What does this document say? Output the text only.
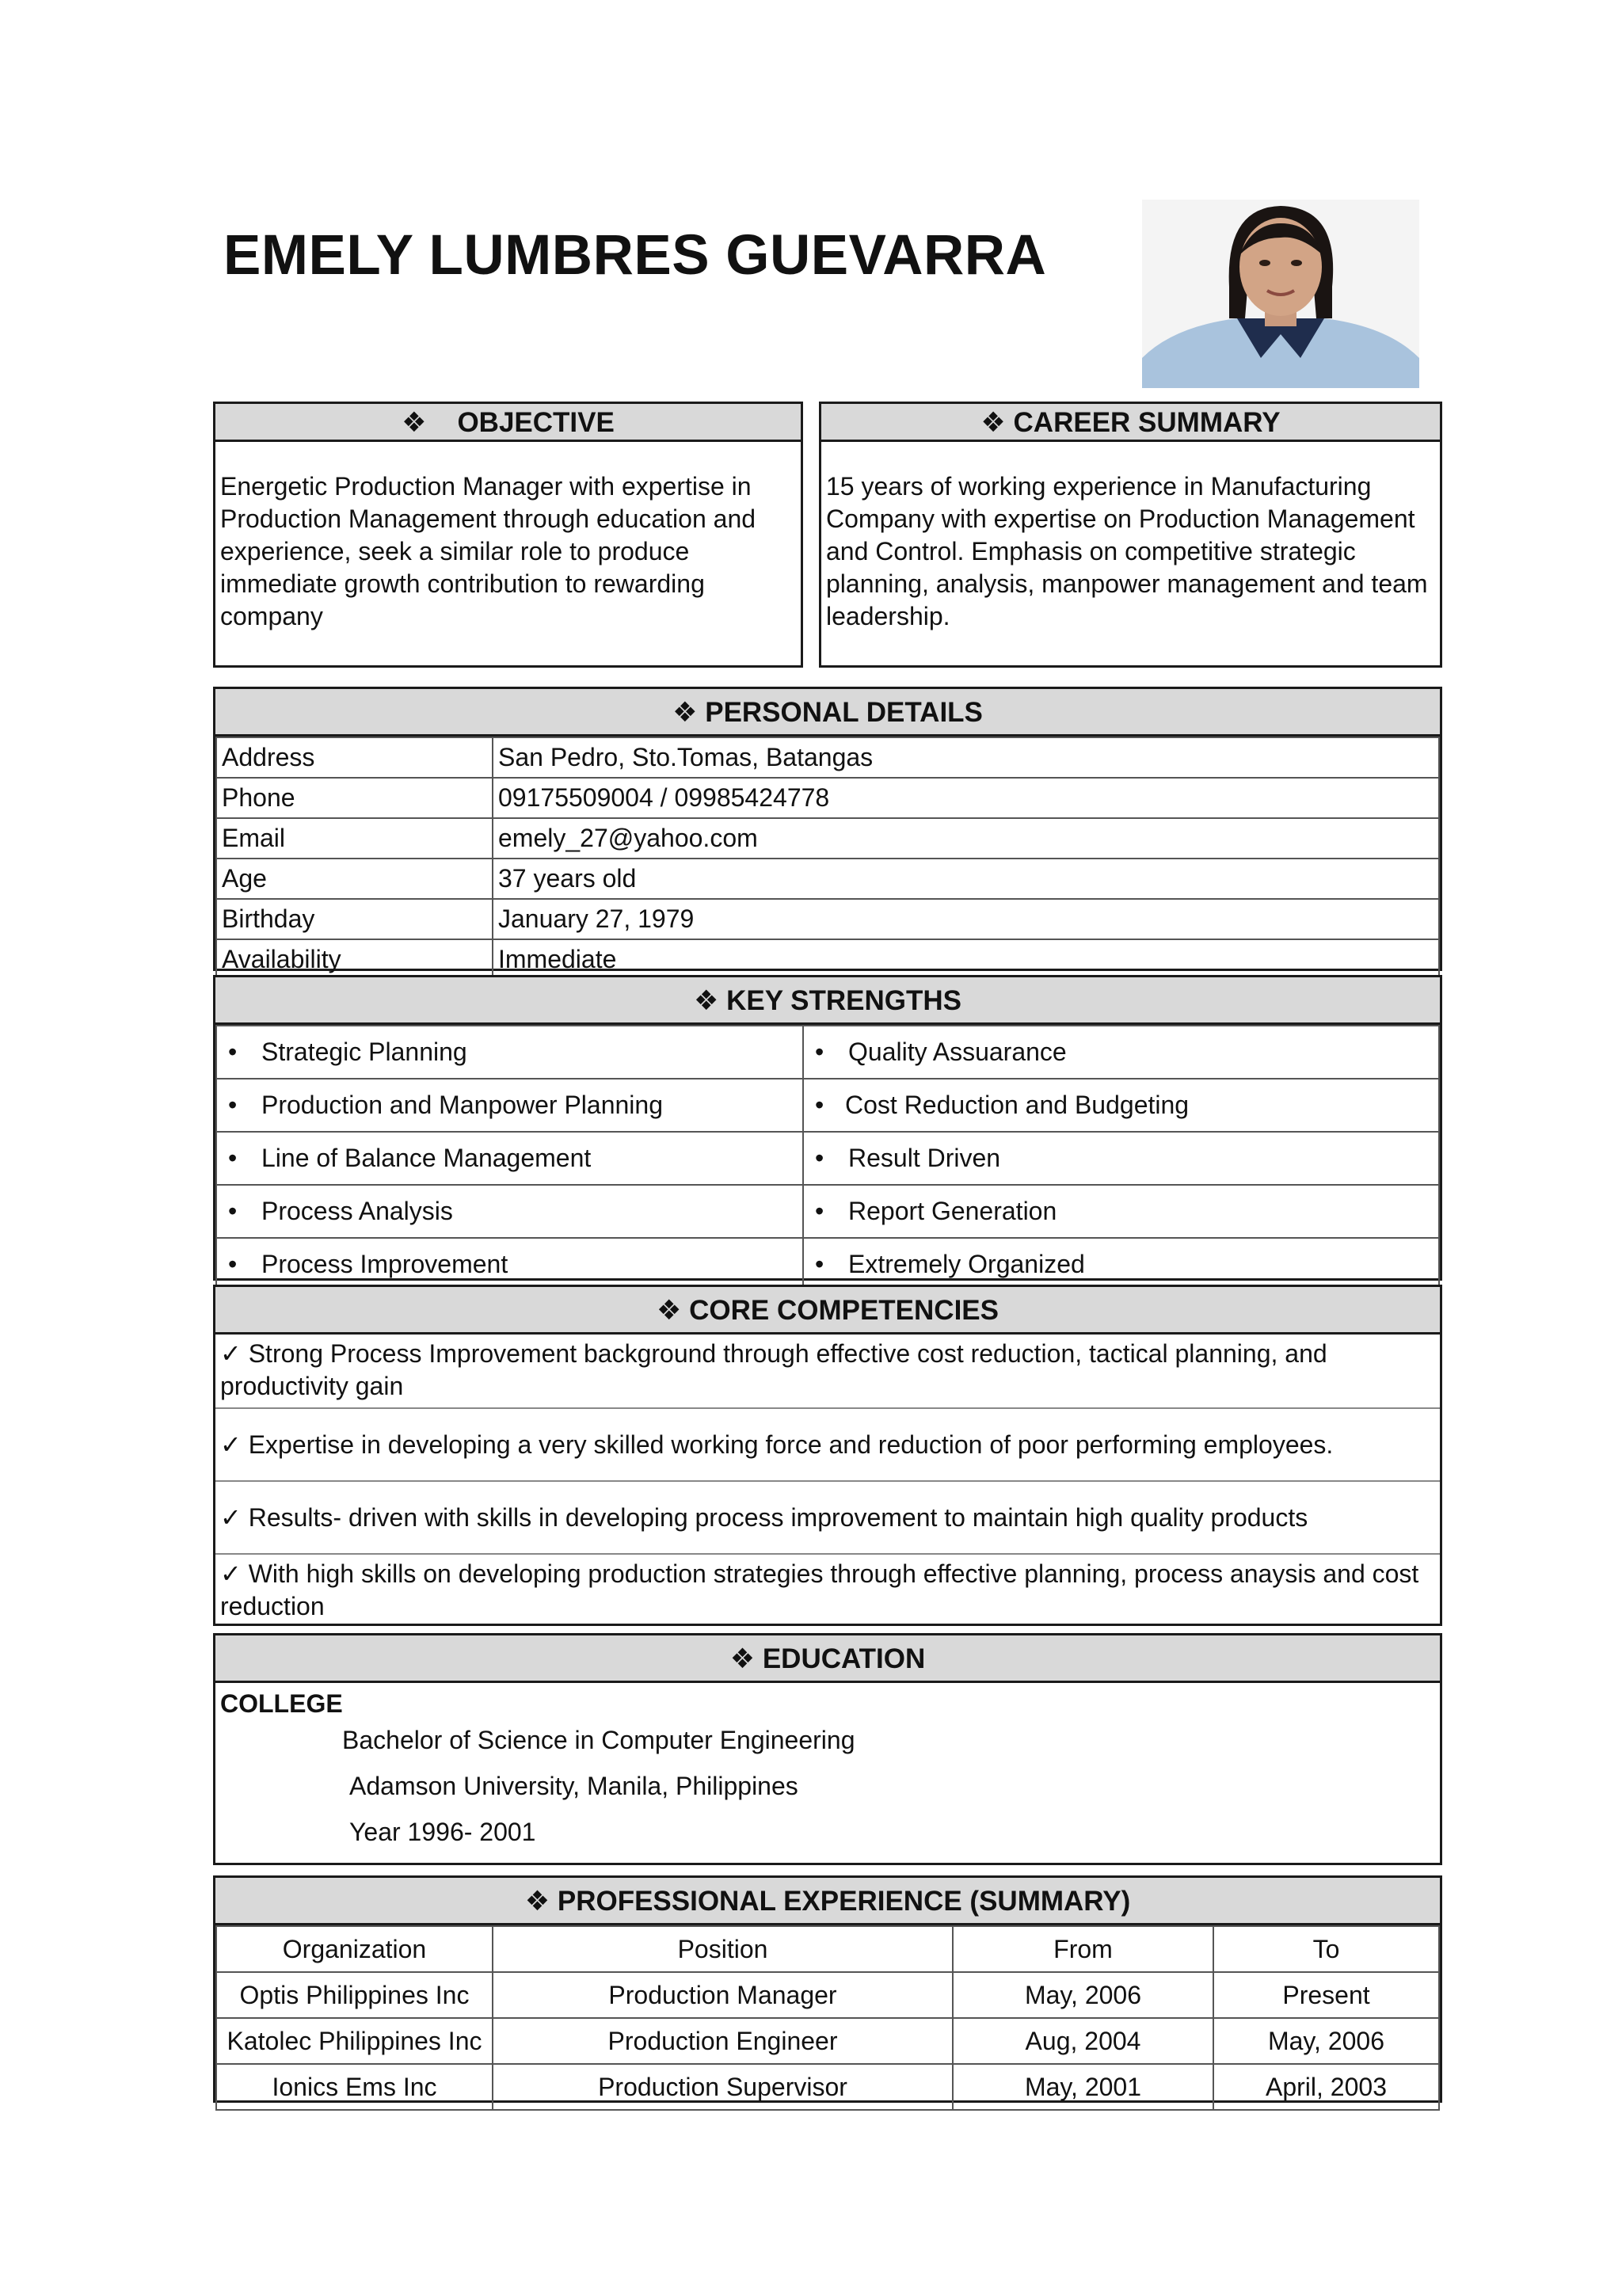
EMELY LUMBRES GUEVARRA
❖ OBJECTIVE
Energetic Production Manager with expertise in Production Management through education and experience, seek a similar role to produce immediate growth contribution to rewarding company
❖ CAREER SUMMARY
15 years of working experience in Manufacturing Company with expertise on Production Management and Control. Emphasis on competitive strategic planning, analysis, manpower management and team leadership.
❖ PERSONAL DETAILS
Address	San Pedro, Sto.Tomas, Batangas
Phone	09175509004 / 09985424778
Email	emely_27@yahoo.com
Age	37 years old
Birthday	January 27, 1979
Availability	Immediate
❖ KEY STRENGTHS
• Strategic Planning	• Quality Assuarance
• Production and Manpower Planning	• Cost Reduction and Budgeting
• Line of Balance Management	• Result Driven
• Process Analysis	• Report Generation
• Process Improvement	• Extremely Organized
❖ CORE COMPETENCIES
✓ Strong Process Improvement background through effective cost reduction, tactical planning, and productivity gain
✓ Expertise in developing a very skilled working force and reduction of poor performing employees.
✓ Results- driven with skills in developing process improvement to maintain high quality products
✓ With high skills on developing production strategies through effective planning, process anaysis and cost reduction
❖ EDUCATION
COLLEGE
Bachelor of Science in Computer Engineering
Adamson University, Manila, Philippines
Year 1996- 2001
❖ PROFESSIONAL EXPERIENCE (SUMMARY)
Organization	Position	From	To
Optis Philippines Inc	Production Manager	May, 2006	Present
Katolec Philippines Inc	Production Engineer	Aug, 2004	May, 2006
Ionics Ems Inc	Production Supervisor	May, 2001	April, 2003
